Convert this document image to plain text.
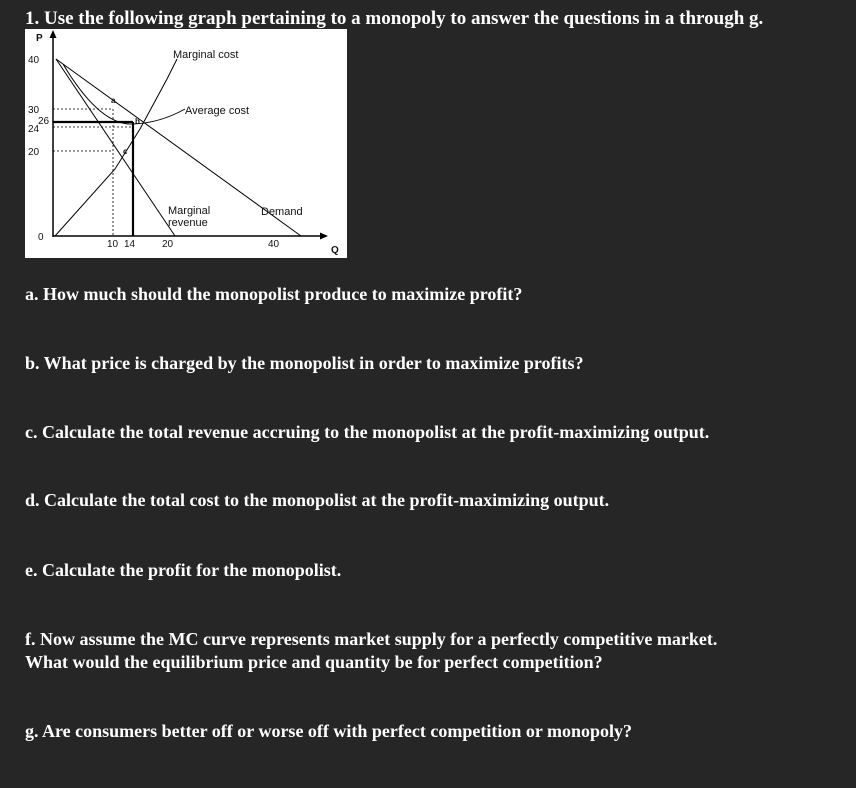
1. Use the following graph pertaining to a monopoly to answer the questions in a through g.
P
Q
40
30
26
24
20
0
10 14	20	40
a
b
c
Marginal cost
Average cost
Marginal
revenue
Demand
a. How much should the monopolist produce to maximize profit?
b. What price is charged by the monopolist in order to maximize profits?
c. Calculate the total revenue accruing to the monopolist at the profit-maximizing output.
d. Calculate the total cost to the monopolist at the profit-maximizing output.
e. Calculate the profit for the monopolist.
f. Now assume the MC curve represents market supply for a perfectly competitive market.
What would the equilibrium price and quantity be for perfect competition?
g. Are consumers better off or worse off with perfect competition or monopoly?
